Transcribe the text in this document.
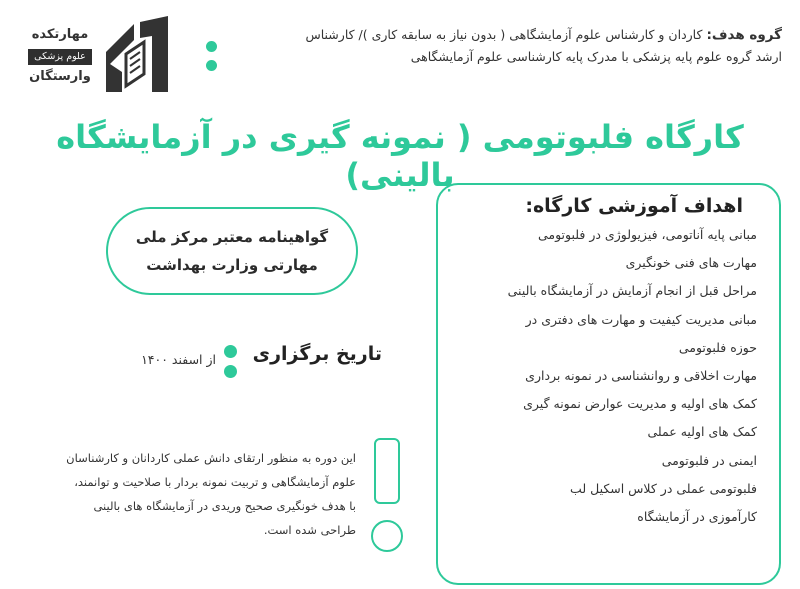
مهارتکده
علوم پزشکی
وارستگان
گروه هدف: کاردان و کارشناس علوم آزمایشگاهی ( بدون نیاز به سابقه کاری )/ کارشناس
ارشد گروه علوم پایه پزشکی با مدرک پایه کارشناسی علوم آزمایشگاهی
کارگاه فلبوتومی ( نمونه گیری در آزمایشگاه بالینی)
اهداف آموزشی کارگاه:
مبانی پایه آناتومی، فیزیولوژی در فلبوتومی
مهارت های فنی خونگیری
مراحل قبل از انجام آزمایش در آزمایشگاه بالینی
مبانی مدیریت کیفیت و مهارت های دفتری در
حوزه فلبوتومی
مهارت اخلاقی و روانشناسی در نمونه برداری
کمک های اولیه و مدیریت عوارض نمونه گیری
کمک های اولیه عملی
ایمنی در فلبوتومی
فلبوتومی عملی در کلاس اسکیل لب
کارآموزی در آزمایشگاه
گواهینامه معتبر مرکز ملی
مهارتی وزارت بهداشت
تاریخ برگزاری
از اسفند ۱۴۰۰
این دوره به منظور ارتقای دانش عملی کاردانان و کارشناسان
علوم آزمایشگاهی و تربیت نمونه بردار با صلاحیت و توانمند،
با هدف خونگیری صحیح وریدی در آزمایشگاه های بالینی
طراحی شده است.
